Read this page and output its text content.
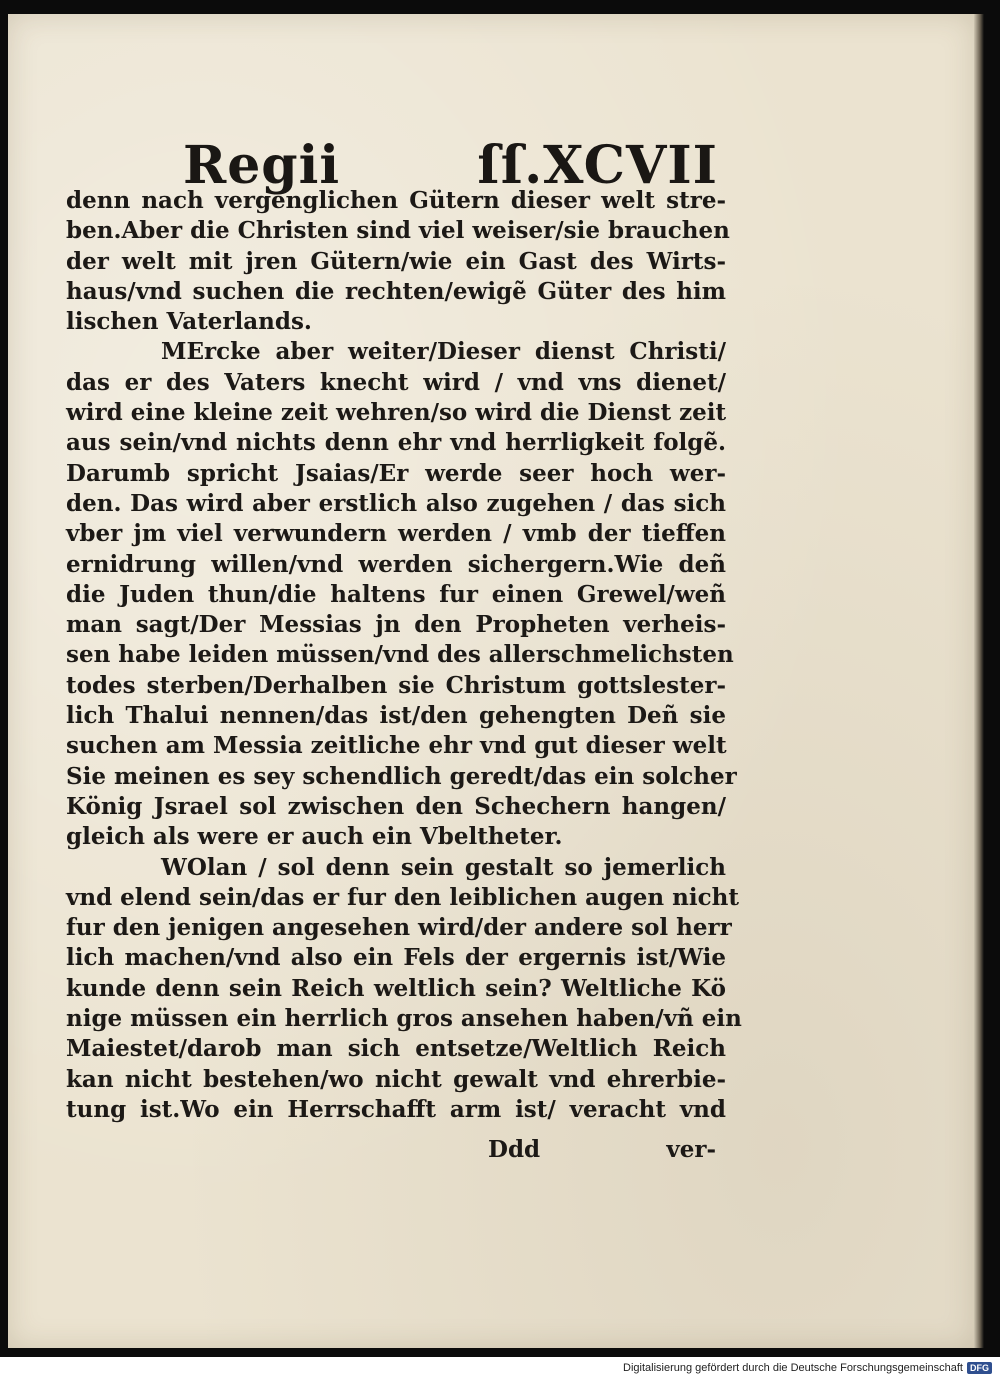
Regii	ſſ.XCVII
denn nach vergenglichen Gütern dieser welt stre-
ben.Aber die Christen sind viel weiser/sie brauchen
der welt mit jren Gütern/wie ein Gast des Wirts-
haus/vnd suchen die rechten/ewigẽ Güter des him
lischen Vaterlands.
MErcke aber weiter/Dieser dienst Christi/
das er des Vaters knecht wird / vnd vns dienet/
wird eine kleine zeit wehren/so wird die Dienst zeit
aus sein/vnd nichts denn ehr vnd herrligkeit folgẽ.
Darumb spricht Jsaias/Er werde seer hoch wer-
den. Das wird aber erstlich also zugehen / das sich
vber jm viel verwundern werden / vmb der tieffen
ernidrung willen/vnd werden sichergern.Wie deñ
die Juden thun/die haltens fur einen Grewel/weñ
man sagt/Der Messias jn den Propheten verheis-
sen habe leiden müssen/vnd des allerschmelichsten
todes sterben/Derhalben sie Christum gottslester-
lich Thalui nennen/das ist/den gehengten Deñ sie
suchen am Messia zeitliche ehr vnd gut dieser welt
Sie meinen es sey schendlich geredt/das ein solcher
König Jsrael sol zwischen den Schechern hangen/
gleich als were er auch ein Vbeltheter.
WOlan / sol denn sein gestalt so jemerlich
vnd elend sein/das er fur den leiblichen augen nicht
fur den jenigen angesehen wird/der andere sol herr
lich machen/vnd also ein Fels der ergernis ist/Wie
kunde denn sein Reich weltlich sein? Weltliche Kö
nige müssen ein herrlich gros ansehen haben/vñ ein
Maiestet/darob man sich entsetze/Weltlich Reich
kan nicht bestehen/wo nicht gewalt vnd ehrerbie-
tung ist.Wo ein Herrschafft arm ist/ veracht vnd
Ddd	ver-
Digitalisierung gefördert durch die Deutsche Forschungsgemeinschaft DFG
